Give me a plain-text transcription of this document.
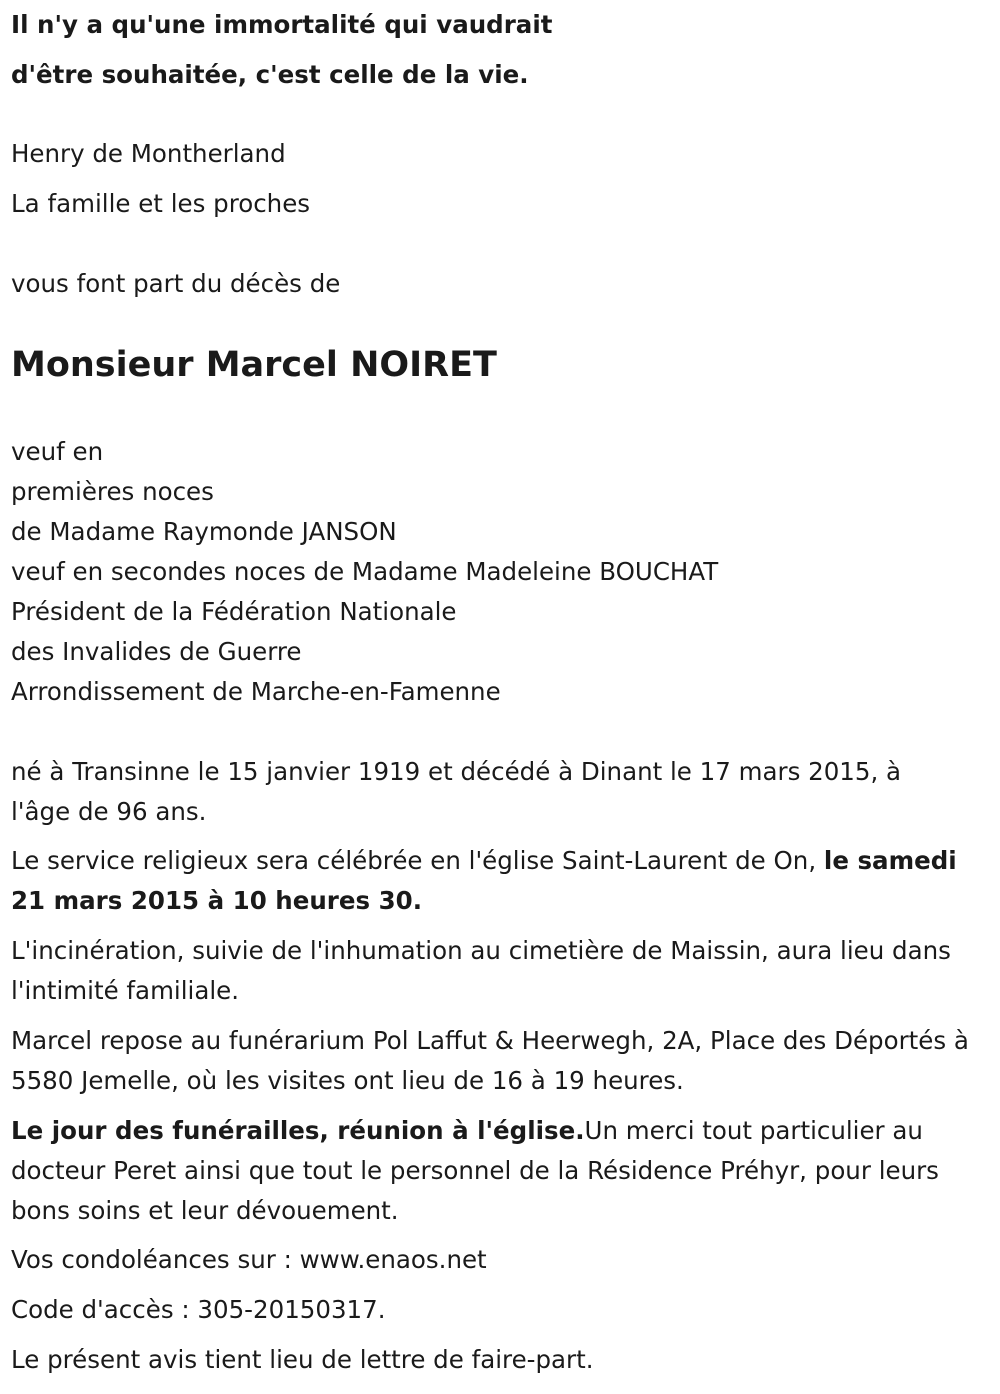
Il n'y a qu'une immortalité qui vaudrait
d'être souhaitée, c'est celle de la vie.
Henry de Montherland
La famille et les proches
vous font part du décès de
Monsieur Marcel NOIRET
veuf en
premières noces
de Madame Raymonde JANSON
veuf en secondes noces de Madame Madeleine BOUCHAT
Président de la Fédération Nationale
des Invalides de Guerre
Arrondissement de Marche-en-Famenne
né à Transinne le 15 janvier 1919 et décédé à Dinant le 17 mars 2015, à
l'âge de 96 ans.
Le service religieux sera célébrée en l'église Saint-Laurent de On, le samedi 21 mars 2015 à 10 heures 30.
L'incinération, suivie de l'inhumation au cimetière de Maissin, aura lieu dans l'intimité familiale.
Marcel repose au funérarium Pol Laffut & Heerwegh, 2A, Place des Déportés à 5580 Jemelle, où les visites ont lieu de 16 à 19 heures.
Le jour des funérailles, réunion à l'église.Un merci tout particulier au docteur Peret ainsi que tout le personnel de la Résidence Préhyr, pour leurs bons soins et leur dévouement.
Vos condoléances sur : www.enaos.net
Code d'accès : 305-20150317.
Le présent avis tient lieu de lettre de faire-part.
